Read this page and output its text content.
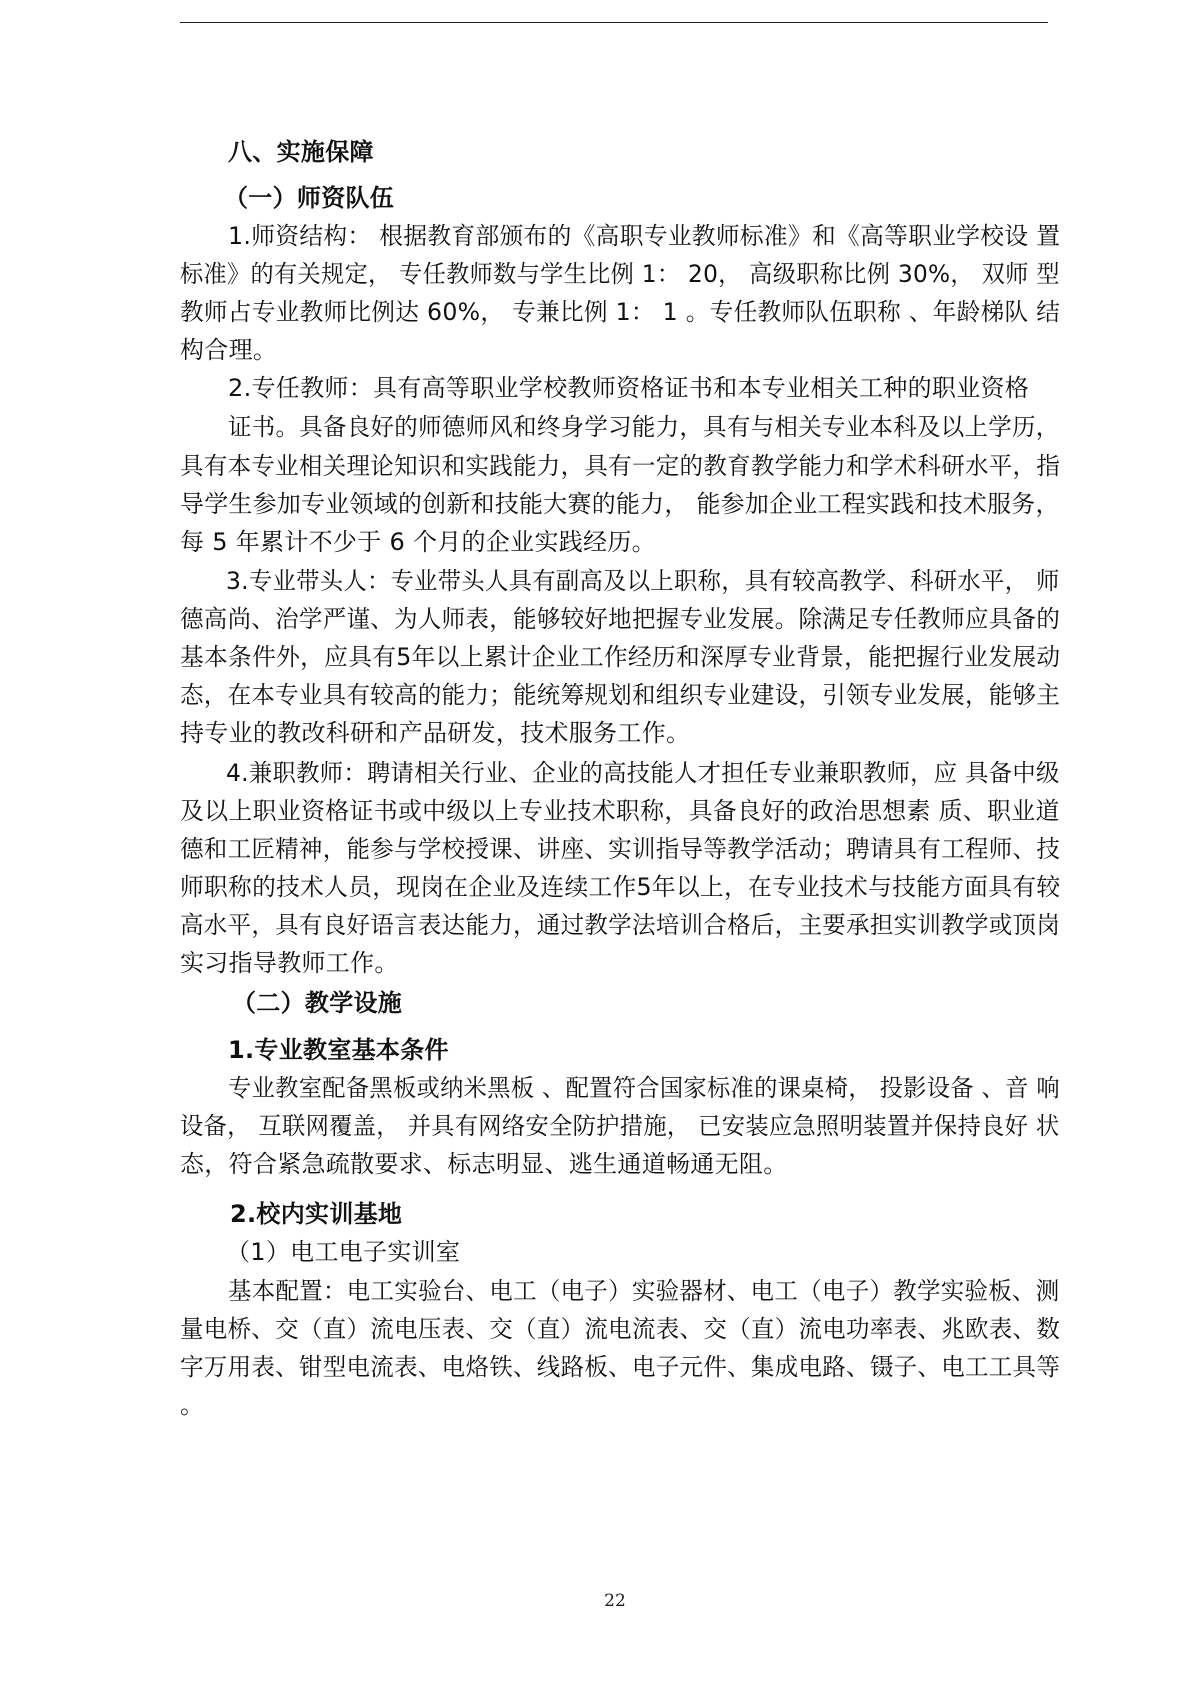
八、实施保障
（一）师资队伍
1.师资结构： 根据教育部颁布的《高职专业教师标准》和《高等职业学校设 置
标准》的有关规定， 专任教师数与学生比例 1： 20， 高级职称比例 30%， 双师 型
教师占专业教师比例达 60%， 专兼比例 1： 1 。专任教师队伍职称 、年龄梯队 结
构合理。
2.专任教师：具有高等职业学校教师资格证书和本专业相关工种的职业资格
证书。具备良好的师德师风和终身学习能力，具有与相关专业本科及以上学历，
具有本专业相关理论知识和实践能力，具有一定的教育教学能力和学术科研水平，指
导学生参加专业领域的创新和技能大赛的能力， 能参加企业工程实践和技术服务，
每 5 年累计不少于 6 个月的企业实践经历。
3.专业带头人：专业带头人具有副高及以上职称，具有较高教学、科研水平， 师
德高尚、治学严谨、为人师表，能够较好地把握专业发展。除满足专任教师应具备的
基本条件外，应具有5年以上累计企业工作经历和深厚专业背景，能把握行业发展动
态，在本专业具有较高的能力；能统筹规划和组织专业建设，引领专业发展，能够主
持专业的教改科研和产品研发，技术服务工作。
4.兼职教师：聘请相关行业、企业的高技能人才担任专业兼职教师，应 具备中级
及以上职业资格证书或中级以上专业技术职称，具备良好的政治思想素 质、职业道
德和工匠精神，能参与学校授课、讲座、实训指导等教学活动；聘请具有工程师、技
师职称的技术人员，现岗在企业及连续工作5年以上，在专业技术与技能方面具有较
高水平，具有良好语言表达能力，通过教学法培训合格后，主要承担实训教学或顶岗
实习指导教师工作。
（二）教学设施
1.专业教室基本条件
专业教室配备黑板或纳米黑板 、配置符合国家标准的课桌椅， 投影设备 、音 响
设备， 互联网覆盖， 并具有网络安全防护措施， 已安装应急照明装置并保持良好 状
态，符合紧急疏散要求、标志明显、逃生通道畅通无阻。
2.校内实训基地
（1）电工电子实训室
基本配置：电工实验台、电工（电子）实验器材、电工（电子）教学实验板、测
量电桥、交（直）流电压表、交（直）流电流表、交（直）流电功率表、兆欧表、数
字万用表、钳型电流表、电烙铁、线路板、电子元件、集成电路、镊子、电工工具等
。
22
